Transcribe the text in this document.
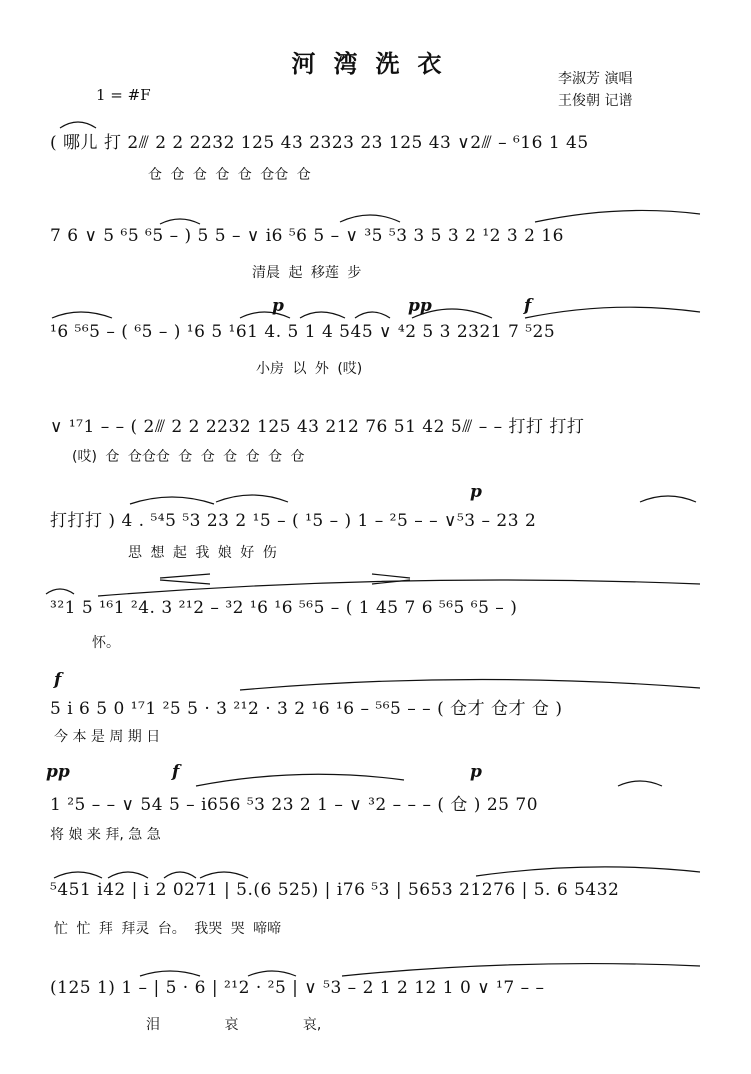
河湾洗衣
李淑芳 演唱
王俊朝 记谱
1 = #F
( 哪儿 打 2⫻ 2 2 2232 125 43 2323 23 125 43 ∨2⫻ – ⁶16 1 45
仓 仓 仓 仓 仓 仓仓 仓
7 6 ∨ 5 ⁶5 ⁶5 – ) 5 5 – ∨ i6 ⁵6 5 – ∨ ³5 ⁵3 3 5 3 2 ¹2 3 2 16
清晨 起 移莲 步
p	pp	f
¹6 ⁵⁶5 – ( ⁶5 – ) ¹6 5 ¹61 4. 5 1 4 545 ∨ ⁴2 5 3 2321 7 ⁵25
小房 以 外 (哎)
∨ ¹⁷1 – – ( 2⫻ 2 2 2232 125 43 212 76 51 42 5⫻ – – 打打 打打
(哎) 仓 仓仓仓 仓 仓 仓 仓 仓 仓
p
打打打 ) 4 . ⁵⁴5 ⁵3 23 2 ¹5 – ( ¹5 – ) 1 – ²5 – – ∨⁵3 – 23 2
思 想 起 我 娘 好 伤
³²1 5 ¹⁶1 ²4. 3 ²¹2 – ³2 ¹6 ¹6 ⁵⁶5 – ( 1 45 7 6 ⁵⁶5 ⁶5 – )
怀。
f
5 i 6 5 0 ¹⁷1 ²5 5 · 3 ²¹2 · 3 2 ¹6 ¹6 – ⁵⁶5 – – ( 仓才 仓才 仓 )
今 本 是 周 期 日
pp	f	p
1 ²5 – – ∨ 54 5 – i656 ⁵3 23 2 1 – ∨ ³2 – – – ( 仓 ) 25 70
将 娘 来 拜, 急 急
⁵451 i42 | i 2 0271 | 5.(6 525) | i76 ⁵3 | 5653 21276 | 5. 6 5432
忙 忙 拜 拜灵 台。 我哭 哭 啼啼
(125 1) 1 – | 5 · 6 | ²¹2 · ²5 | ∨ ⁵3 – 2 1 2 12 1 0 ∨ ¹7 – –
泪 哀 哀,
